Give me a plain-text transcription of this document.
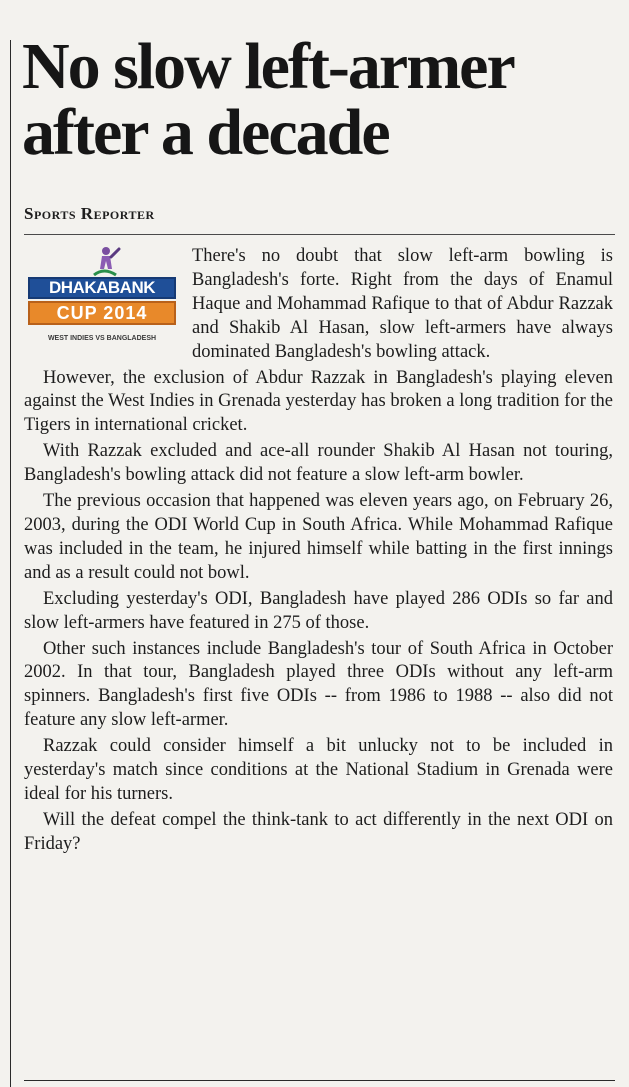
No slow left-armer after a decade
Sports Reporter

DHAKABANK
CUP 2014
WEST INDIES VS BANGLADESH
There's no doubt that slow left-arm bowling is Bangladesh's forte. Right from the days of Enamul Haque and Mohammad Rafique to that of Abdur Razzak and Shakib Al Hasan, slow left-armers have always dominated Bangladesh's bowling attack.

However, the exclusion of Abdur Razzak in Bangladesh's playing eleven against the West Indies in Grenada yesterday has broken a long tradition for the Tigers in international cricket.

With Razzak excluded and ace-all rounder Shakib Al Hasan not touring, Bangladesh's bowling attack did not feature a slow left-arm bowler.

The previous occasion that happened was eleven years ago, on February 26, 2003, during the ODI World Cup in South Africa. While Mohammad Rafique was included in the team, he injured himself while batting in the first innings and as a result could not bowl.

Excluding yesterday's ODI, Bangladesh have played 286 ODIs so far and slow left-armers have featured in 275 of those.

Other such instances include Bangladesh's tour of South Africa in October 2002. In that tour, Bangladesh played three ODIs without any left-arm spinners. Bangladesh's first five ODIs -- from 1986 to 1988 -- also did not feature any slow left-armer.

Razzak could consider himself a bit unlucky not to be included in yesterday's match since conditions at the National Stadium in Grenada were ideal for his turners.

Will the defeat compel the think-tank to act differently in the next ODI on Friday?
